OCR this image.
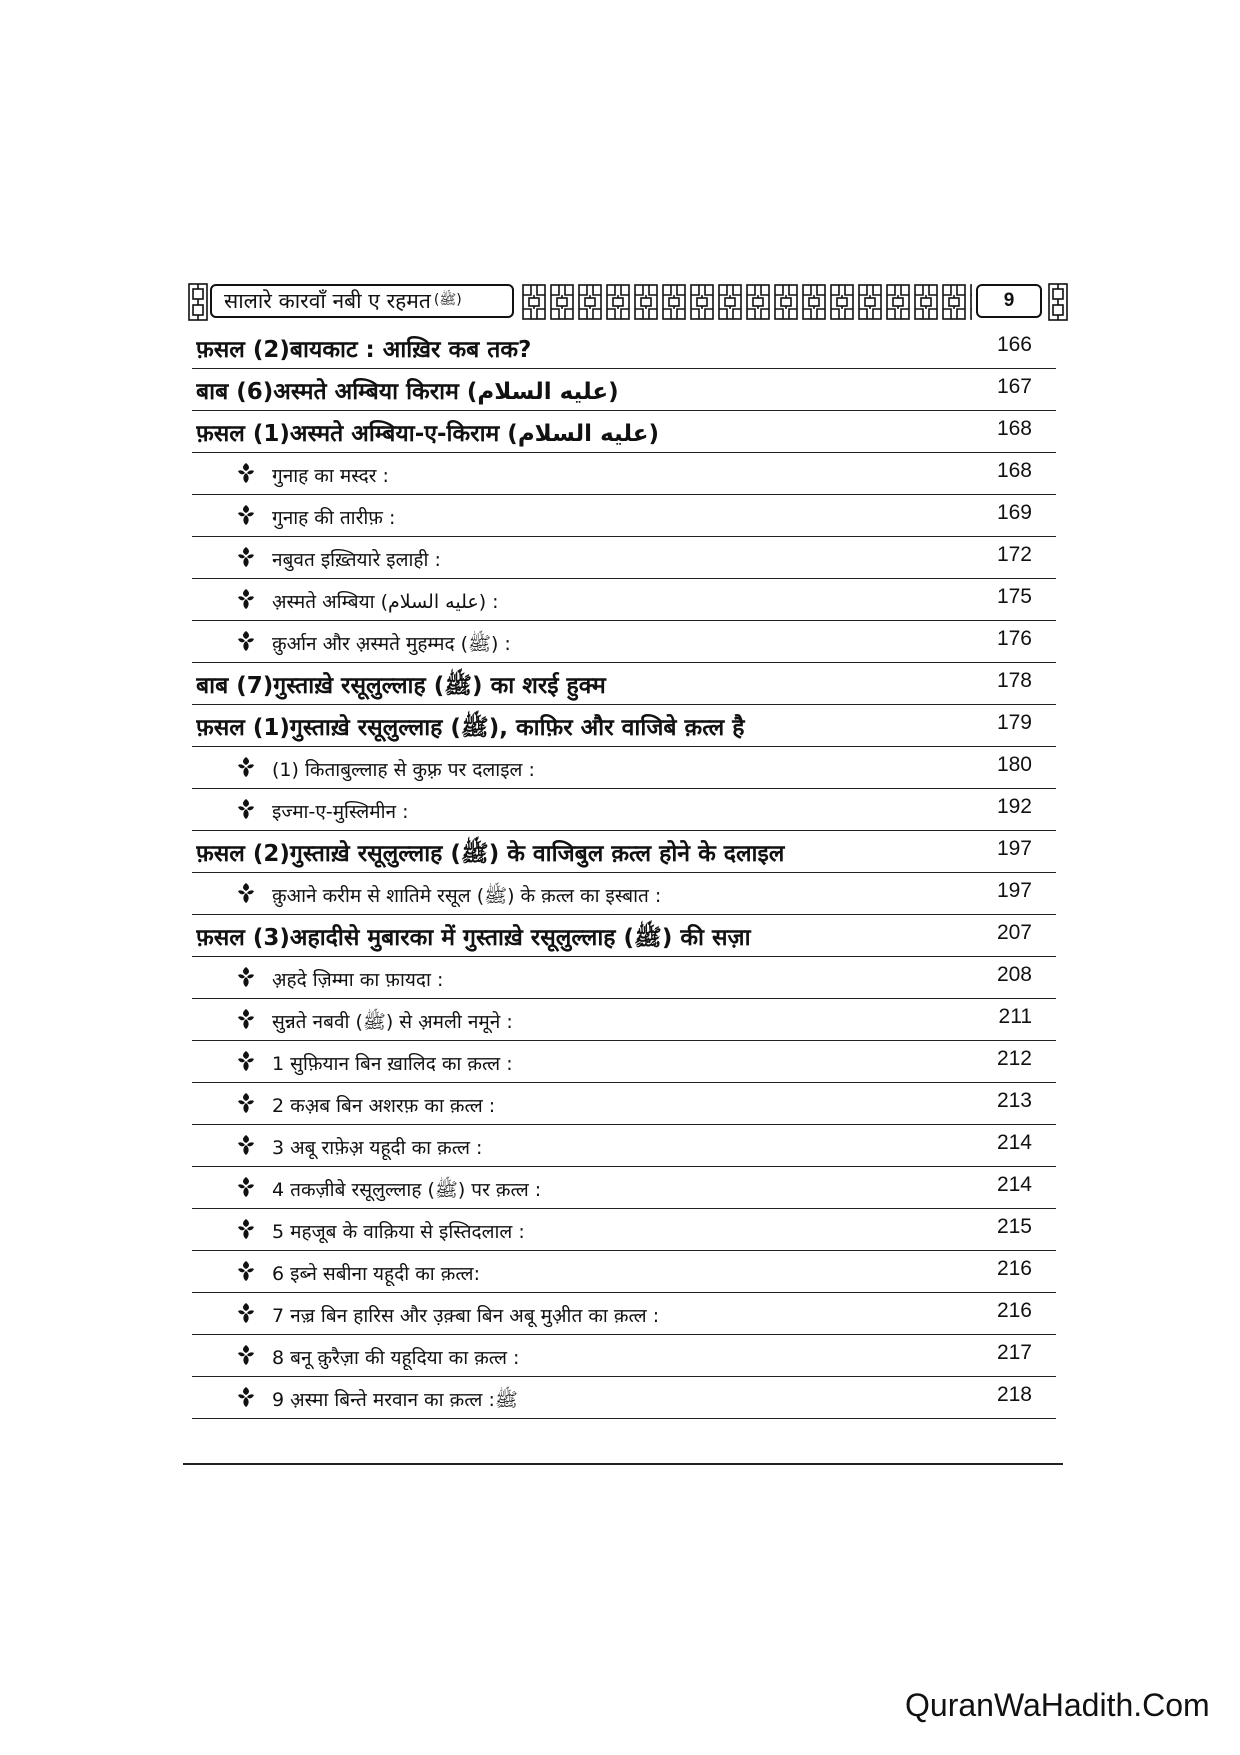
सालारे कारवाँ नबी ए रहमत (ﷺ)	9
फ़सल (2)बायकाट : आख़िर कब तक?	166
बाब (6)अस्मते अम्बिया किराम (عليه السلام)	167
फ़सल (1)अस्मते अम्बिया-ए-किराम (عليه السلام)	168
गुनाह का मस्दर :	168
गुनाह की तारीफ़ :	169
नबुवत इख़्तियारे इलाही :	172
अ़स्मते अम्बिया (عليه السلام) :	175
क़ुर्आन और अ़स्मते मुहम्मद (ﷺ) :	176
बाब (7)गुस्ताख़े रसूलुल्लाह (ﷺ) का शरई हुक्म	178
फ़सल (1)गुस्ताख़े रसूलुल्लाह (ﷺ), काफ़िर और वाजिबे क़त्ल है	179
(1) किताबुल्लाह से कुफ़्र पर दलाइल :	180
इज्मा-ए-मुस्लिमीन :	192
फ़सल (2)गुस्ताख़े रसूलुल्लाह (ﷺ) के वाजिबुल क़त्ल होने के दलाइल	197
क़ुआने करीम से शातिमे रसूल (ﷺ) के क़त्ल का इस्बात :	197
फ़सल (3)अहादीसे मुबारका में गुस्ताख़े रसूलुल्लाह (ﷺ) की सज़ा	207
अ़हदे ज़िम्मा का फ़ायदा :	208
सुन्नते नबवी (ﷺ) से अ़मली नमूने :	211
1 सुफ़ियान बिन ख़ालिद का क़त्ल :	212
2 कअ़ब बिन अशरफ़ का क़त्ल :	213
3 अबू राफ़ेअ़ यहूदी का क़त्ल :	214
4 तकज़ीबे रसूलुल्लाह (ﷺ) पर क़त्ल :	214
5 महजूब के वाक़िया से इस्तिदलाल :	215
6 इब्ने सबीना यहूदी का क़त्ल:	216
7 नज़्र बिन हारिस और उ़क़्बा बिन अबू मुअ़ीत का क़त्ल :	216
8 बनू क़ुरैज़ा की यहूदिया का क़त्ल :	217
9 अ़स्मा बिन्ते मरवान का क़त्ल :ﷺ	218
QuranWaHadith.Com
